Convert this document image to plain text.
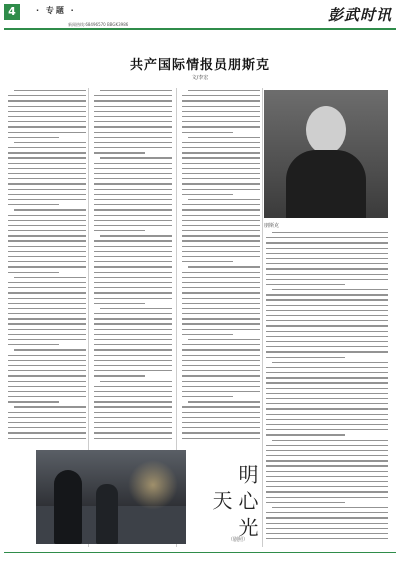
4	· 专题 ·
新闻热线:68496570 BBGK3986
彭武时讯
共产国际情报员朋斯克
文/李宏
朋斯克
明 心 光 天
（剧照）
